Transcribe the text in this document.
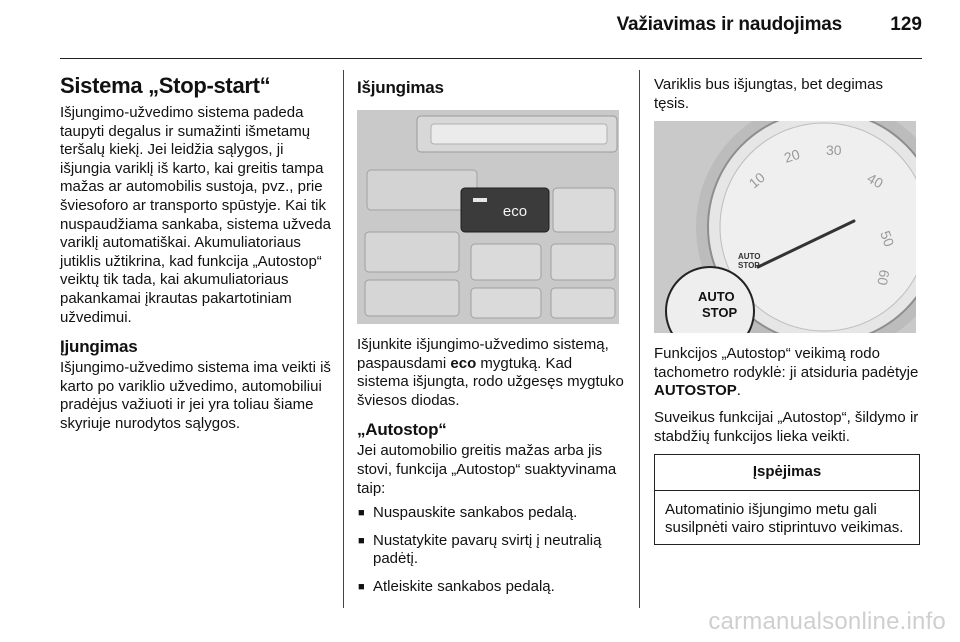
Važiavimas ir naudojimas	129
Sistema „Stop-start“

Išjungimo-užvedimo sistema padeda taupyti degalus ir sumažinti išmetamų teršalų kiekį. Jei leidžia sąlygos, ji išjungia variklį iš karto, kai greitis tampa mažas ar automobilis sustoja, pvz., prie šviesoforo ar transporto spūstyje. Kai tik nuspaudžiama sankaba, sistema užveda variklį automatiškai. Akumuliatoriaus jutiklis užtikrina, kad funkcija „Autostop“ veiktų tik tada, kai akumuliatoriaus pakankamai įkrautas pakartotiniam užvedimui.

Įjungimas

Išjungimo-užvedimo sistema ima veikti iš karto po variklio užvedimo, automobiliui pradėjus važiuoti ir jei yra toliau šiame skyriuje nurodytos sąlygos.

Išjungimas
eco

Išjunkite išjungimo-užvedimo sistemą, paspausdami eco mygtuką. Kad sistema išjungta, rodo užgesęs mygtuko šviesos diodas.

„Autostop“

Jei automobilio greitis mažas arba jis stovi, funkcija „Autostop“ suaktyvinama taip:

■ Nuspauskite sankabos pedalą.
■ Nustatykite pavarų svirtį į neutralią padėtį.
■ Atleiskite sankabos pedalą.

Variklis bus išjungtas, bet degimas tęsis.

10
20 30
40
50
60
AUTO
STOP
AUTO
STOP

Funkcijos „Autostop“ veikimą rodo tachometro rodyklė: ji atsiduria padėtyje AUTOSTOP.

Suveikus funkcijai „Autostop“, šildymo ir stabdžių funkcijos lieka veikti.

Įspėjimas
Automatinio išjungimo metu gali susilpnėti vairo stiprintuvo veikimas.
carmanualsonline.info
